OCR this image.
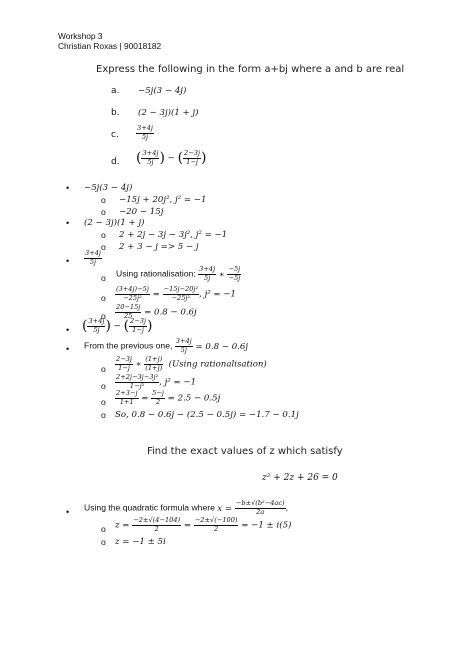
Workshop 3
Christian Roxas | 90018182
Express the following in the form a+bj where a and b are real
a. −5j(3 − 4j)
b. (2 − 3j)(1 + j)
c.	$\frac{3+4j}{5j}$
d. ( $\frac{3+4j}{5j}$ ) − ( $\frac{2-3j}{1-j}$ )
• −5j(3 − 4j)
o −15j + 20j², j² = −1
o −20 − 15j
• (2 − 3j)(1 + j)
o 2 + 2j − 3j − 3j², j² = −1
o 2 + 3 − j => 5 − j
• $\frac{3+4j}{5j}$
o Using rationalisation: $\frac{3+4j}{5j}$ ∗ $\frac{-5j}{-5j}$
o $\frac{(3+4j)-5j}{\text{−25j²}} = \frac{\text{−15j−20j²}}{\text{−25j²}}$ , j² = −1
o $\frac{20-15j}{25} = 0.8 - 0.6j$
• ( $\frac{3+4j}{5j}$ ) − ( $\frac{2-3j}{1-j}$ )
• From the previous one, $\frac{3+4j}{5j} = 0.8 - 0.6j$
o $\frac{2-3j}{1-j}$ ∗ $\frac{(1+j)}{(1+j)} (Using$ rationalisation)
o $\frac{\text{2+2j−3j−3j²}}{\text{1−j²}}$ , j² = −1
o $\frac{2+3-j}{1+1} = \frac{5-j}{2} = 2.5 - 0.5j$
o So, 0.8 − 0.6j − (2.5 − 0.5j) = −1.7 − 0.1j
Find the exact values of z which satisfy
z² + 2z + 26 = 0
• Using the quadratic formula where $x = \frac{\text{−b±√(b²−4ac)}}{2a}$ ,
o $z = \frac{-2\pm√(4-104)}{2} = \frac{-2\pm√(-100)}{2} = -1 \pm i(5)$
o z = −1 ± 5i
